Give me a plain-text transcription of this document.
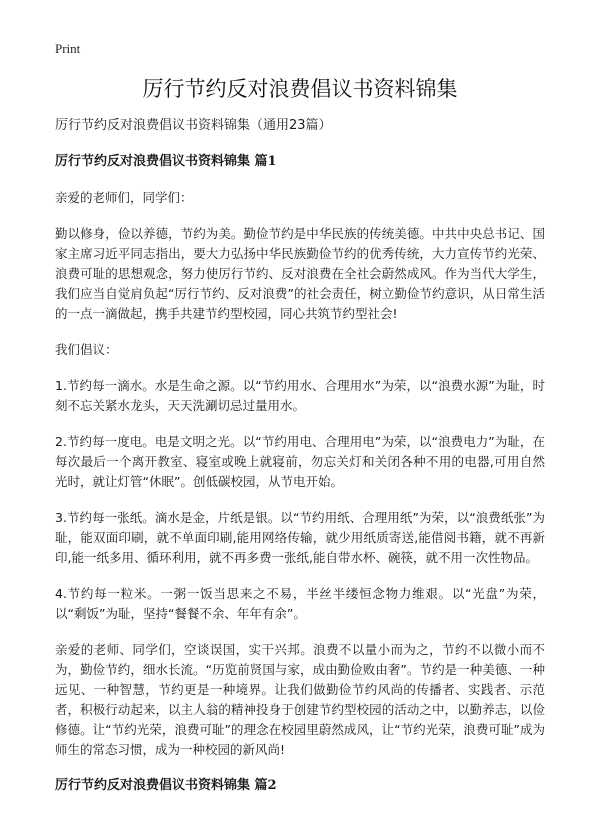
Print
厉行节约反对浪费倡议书资料锦集
厉行节约反对浪费倡议书资料锦集（通用23篇）
厉行节约反对浪费倡议书资料锦集 篇1

亲爱的老师们，同学们：

勤以修身，俭以养德，节约为美。勤俭节约是中华民族的传统美德。中共中央总书记、国家主席习近平同志指出，要大力弘扬中华民族勤俭节约的优秀传统，大力宣传节约光荣、浪费可耻的思想观念，努力使厉行节约、反对浪费在全社会蔚然成风。作为当代大学生，我们应当自觉肩负起“厉行节约、反对浪费”的社会责任，树立勤俭节约意识，从日常生活的一点一滴做起，携手共建节约型校园，同心共筑节约型社会!

我们倡议：

1.节约每一滴水。水是生命之源。以“节约用水、合理用水”为荣，以“浪费水源”为耻，时刻不忘关紧水龙头，天天洗涮切忌过量用水。

2.节约每一度电。电是文明之光。以“节约用电、合理用电”为荣，以“浪费电力”为耻，在每次最后一个离开教室、寝室或晚上就寝前，勿忘关灯和关闭各种不用的电器,可用自然光时，就让灯管“休眠”。创低碳校园，从节电开始。

3.节约每一张纸。滴水是金，片纸是银。以“节约用纸、合理用纸”为荣，以“浪费纸张”为耻，能双面印刷，就不单面印刷,能用网络传输，就少用纸质寄送,能借阅书籍，就不再新印,能一纸多用、循环利用，就不再多费一张纸,能自带水杯、碗筷，就不用一次性物品。

4.节约每一粒米。一粥一饭当思来之不易，半丝半缕恒念物力维艰。以“光盘”为荣，以“剩饭”为耻，坚持“餐餐不余、年年有余”。

亲爱的老师、同学们，空谈误国，实干兴邦。浪费不以量小而为之，节约不以微小而不为，勤俭节约，细水长流。“历览前贤国与家，成由勤俭败由奢”。节约是一种美德、一种远见、一种智慧，节约更是一种境界。让我们做勤俭节约风尚的传播者、实践者、示范者，积极行动起来，以主人翁的精神投身于创建节约型校园的活动之中，以勤养志，以俭修德。让“节约光荣，浪费可耻”的理念在校园里蔚然成风，让“节约光荣，浪费可耻”成为师生的常态习惯，成为一种校园的新风尚!

厉行节约反对浪费倡议书资料锦集 篇2
